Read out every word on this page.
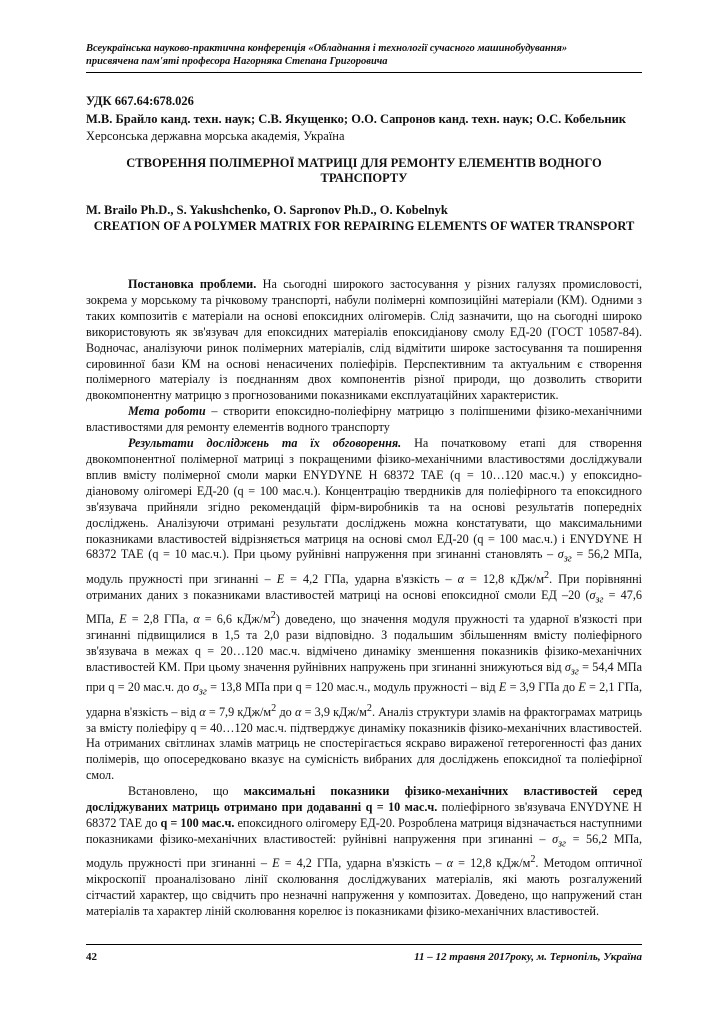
Всеукраїнська науково-практична конференція «Обладнання і технології сучасного машинобудування»
присвячена пам'яті професора Нагорняка Степана Григоровича
УДК 667.64:678.026
М.В. Брайло канд. техн. наук; С.В. Якущенко; О.О. Сапронов канд. техн. наук; О.С. Кобельник
Херсонська державна морська академія, Україна
СТВОРЕННЯ ПОЛІМЕРНОЇ МАТРИЦІ ДЛЯ РЕМОНТУ ЕЛЕМЕНТІВ ВОДНОГО ТРАНСПОРТУ
M. Brailo Ph.D., S. Yakushchenko, O. Sapronov Ph.D., O. Kobelnyk
CREATION OF A POLYMER MATRIX FOR REPAIRING ELEMENTS OF WATER TRANSPORT

Постановка проблеми. На сьогодні широкого застосування у різних галузях промисловості, зокрема у морському та річковому транспорті, набули полімерні композиційні матеріали (КМ). Одними з таких композитів є матеріали на основі епоксидних олігомерів. Слід зазначити, що на сьогодні широко використовують як зв'язувач для епоксидних матеріалів епоксидіанову смолу ЕД-20 (ГОСТ 10587-84). Водночас, аналізуючи ринок полімерних матеріалів, слід відмітити широке застосування та поширення сировинної бази КМ на основі ненасичених поліефірів. Перспективним та актуальним є створення полімерного матеріалу із поєднанням двох компонентів різної природи, що дозволить створити двокомпонентну матрицю з прогнозованими показниками експлуатаційних характеристик.

Мета роботи – створити епоксидно-поліефірну матрицю з поліпшеними фізико-механічними властивостями для ремонту елементів водного транспорту

Результати досліджень та їх обговорення. На початковому етапі для створення двокомпонентної полімерної матриці з покращеними фізико-механічними властивостями досліджували вплив вмісту полімерної смоли марки ENYDYNE H 68372 TAE (q = 10…120 мас.ч.) у епоксидно-діановому олігомері ЕД-20 (q = 100 мас.ч.). Концентрацію твердників для поліефірного та епоксидного зв'язувача прийняли згідно рекомендацій фірм-виробників та на основі результатів попередніх досліджень. Аналізуючи отримані результати досліджень можна констатувати, що максимальними показниками властивостей відрізняється матриця на основі смол ЕД-20 (q = 100 мас.ч.) і ENYDYNE H 68372 TAE (q = 10 мас.ч.). При цьому руйнівні напруження при згинанні становлять – $\sigma_{зг} = 56,2$ МПа, модуль пружності при згинанні – E = 4,2 ГПа, ударна в'язкість – α = 12,8 кДж/$м^2$. При порівнянні отриманих даних з показниками властивостей матриці на основі епоксидної смоли ЕД –20 ($\sigma_{зг} = 47,6$ МПа, E = 2,8 ГПа, α = 6,6 кДж/$м^2$) доведено, що значення модуля пружності та ударної в'язкості при згинанні підвищилися в 1,5 та 2,0 рази відповідно. З подальшим збільшенням вмісту поліефірного зв'язувача в межах q = 20…120 мас.ч. відмічено динаміку зменшення показників фізико-механічних властивостей КМ. При цьому значення руйнівних напружень при згинанні знижуються від $\sigma_{зг} = 54,4$ МПа при q = 20 мас.ч. до $\sigma_{зг} = 13,8$ МПа при q = 120 мас.ч., модуль пружності – від E = 3,9 ГПа до E = 2,1 ГПа, ударна в'язкість – від α = 7,9 кДж/$м^2$ до α = 3,9 кДж/$м^2$. Аналіз структури зламів на фрактограмах матриць за вмісту поліефіру q = 40…120 мас.ч. підтверджує динаміку показників фізико-механічних властивостей. На отриманих світлинах зламів матриць не спостерігається яскраво вираженої гетерогенності фаз даних полімерів, що опосередковано вказує на сумісність вибраних для досліджень епоксидної та поліефірної смол.

Встановлено, що максимальні показники фізико-механічних властивостей серед досліджуваних матриць отримано при додаванні q = 10 мас.ч. поліефірного зв'язувача ENYDYNE H 68372 TAE до q = 100 мас.ч. епоксидного олігомеру ЕД-20. Розроблена матриця відзначається наступними показниками фізико-механічних властивостей: руйнівні напруження при згинанні – $\sigma_{зг} = 56,2$ МПа, модуль пружності при згинанні – E = 4,2 ГПа, ударна в'язкість – α = 12,8 кДж/$м^2$. Методом оптичної мікроскопії проаналізовано лінії сколювання досліджуваних матеріалів, які мають розгалужений сітчастий характер, що свідчить про незначні напруження у композитах. Доведено, що напружений стан матеріалів та характер ліній сколювання корелює із показниками фізико-механічних властивостей.

42	11 – 12 травня 2017року, м. Тернопіль, Україна
